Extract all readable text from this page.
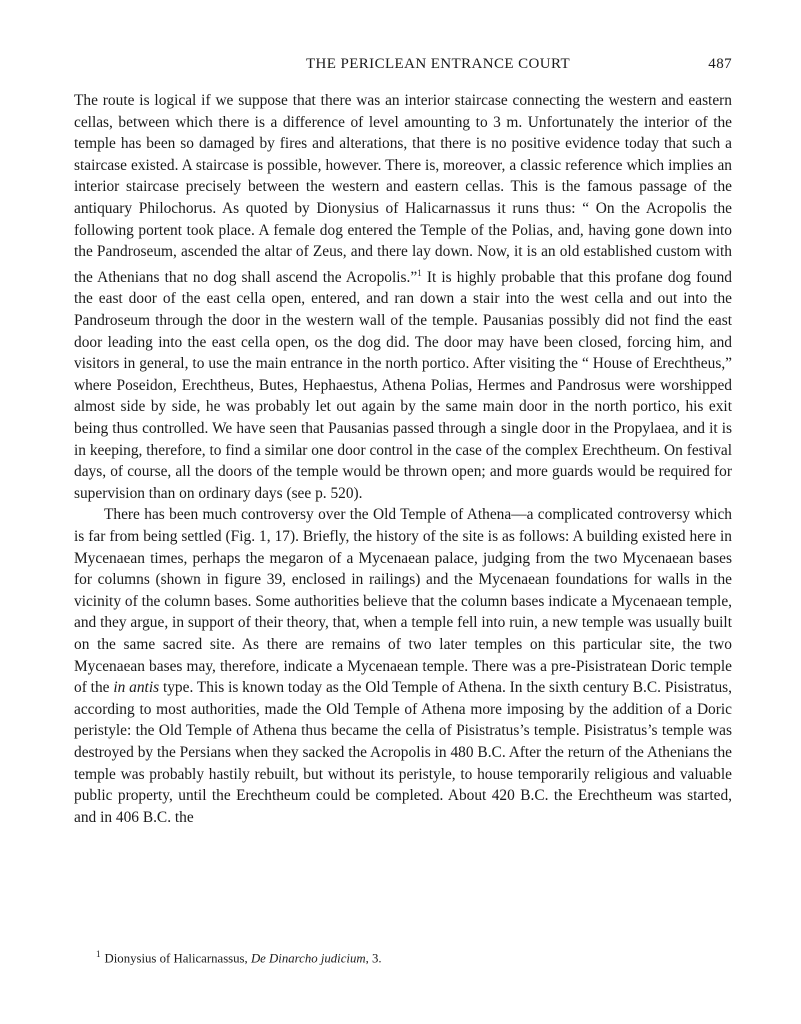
THE PERICLEAN ENTRANCE COURT	487

The route is logical if we suppose that there was an interior staircase connecting the western and eastern cellas, between which there is a difference of level amounting to 3 m. Unfortunately the interior of the temple has been so damaged by fires and alterations, that there is no positive evidence today that such a staircase existed. A staircase is possible, however. There is, moreover, a classic reference which implies an interior staircase precisely between the western and eastern cellas. This is the famous passage of the antiquary Philochorus. As quoted by Dionysius of Halicarnassus it runs thus: “ On the Acropolis the following portent took place. A female dog entered the Temple of the Polias, and, having gone down into the Pandroseum, ascended the altar of Zeus, and there lay down. Now, it is an old established custom with the Athenians that no dog shall ascend the Acropolis.”$^1$ It is highly probable that this profane dog found the east door of the east cella open, entered, and ran down a stair into the west cella and out into the Pandroseum through the door in the western wall of the temple. Pausanias possibly did not find the east door leading into the east cella open, os the dog did. The door may have been closed, forcing him, and visitors in general, to use the main entrance in the north portico. After visiting the “ House of Erechtheus,” where Poseidon, Erechtheus, Butes, Hephaestus, Athena Polias, Hermes and Pandrosus were worshipped almost side by side, he was probably let out again by the same main door in the north portico, his exit being thus controlled. We have seen that Pausanias passed through a single door in the Propylaea, and it is in keeping, therefore, to find a similar one door control in the case of the complex Erechtheum. On festival days, of course, all the doors of the temple would be thrown open; and more guards would be required for supervision than on ordinary days (see p. 520).

There has been much controversy over the Old Temple of Athena—a complicated controversy which is far from being settled (Fig. 1, 17). Briefly, the history of the site is as follows: A building existed here in Mycenaean times, perhaps the megaron of a Mycenaean palace, judging from the two Mycenaean bases for columns (shown in figure 39, enclosed in railings) and the Mycenaean foundations for walls in the vicinity of the column bases. Some authorities believe that the column bases indicate a Mycenaean temple, and they argue, in support of their theory, that, when a temple fell into ruin, a new temple was usually built on the same sacred site. As there are remains of two later temples on this particular site, the two Mycenaean bases may, therefore, indicate a Mycenaean temple. There was a pre-Pisistratean Doric temple of the in antis type. This is known today as the Old Temple of Athena. In the sixth century B.C. Pisistratus, according to most authorities, made the Old Temple of Athena more imposing by the addition of a Doric peristyle: the Old Temple of Athena thus became the cella of Pisistratus’s temple. Pisistratus’s temple was destroyed by the Persians when they sacked the Acropolis in 480 B.C. After the return of the Athenians the temple was probably hastily rebuilt, but without its peristyle, to house temporarily religious and valuable public property, until the Erechtheum could be completed. About 420 B.C. the Erechtheum was started, and in 406 B.C. the

$^1$ Dionysius of Halicarnassus, De Dinarcho judicium, 3.
